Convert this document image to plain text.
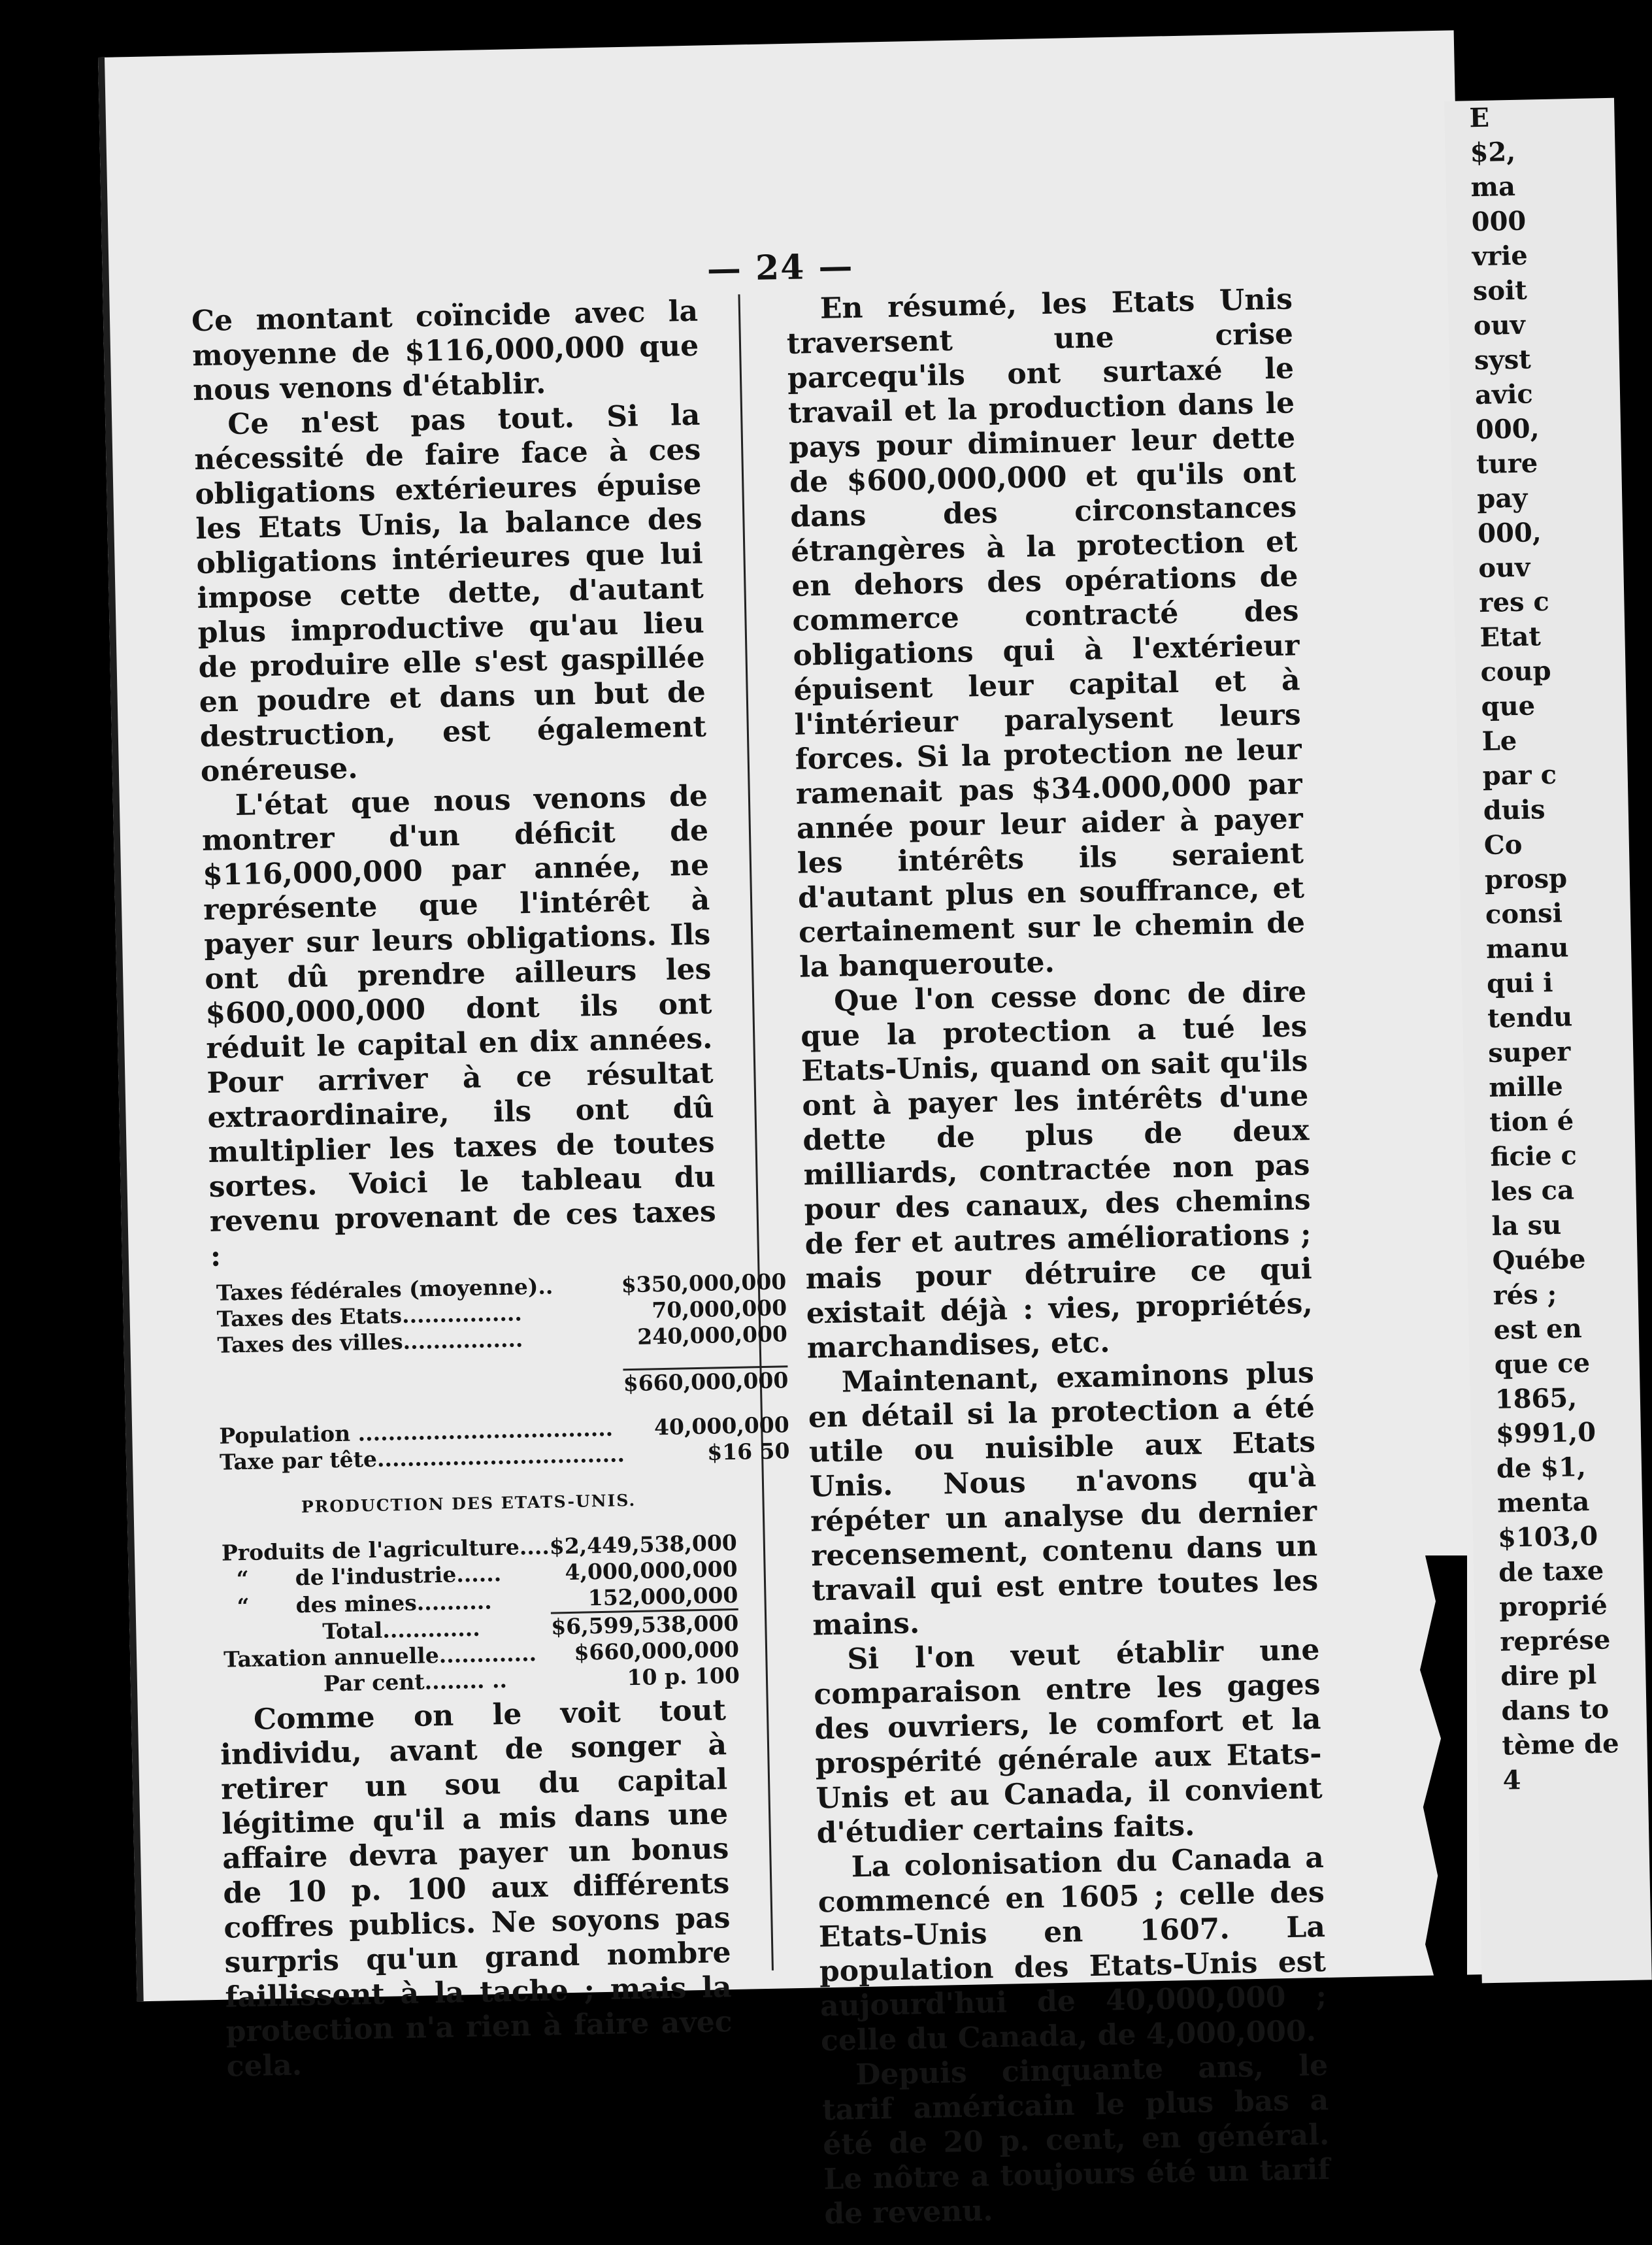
— 24 —

Ce montant coïncide avec la moyenne de $116,000,000 que nous venons d'établir.

Ce n'est pas tout. Si la nécessité de faire face à ces obligations extérieures épuise les Etats Unis, la balance des obligations intérieures que lui impose cette dette, d'autant plus improductive qu'au lieu de produire elle s'est gaspillée en poudre et dans un but de destruction, est également onéreuse.

L'état que nous venons de montrer d'un déficit de $116,000,000 par année, ne représente que l'intérêt à payer sur leurs obligations. Ils ont dû prendre ailleurs les $600,000,000 dont ils ont réduit le capital en dix années. Pour arriver à ce résultat extraordinaire, ils ont dû multiplier les taxes de toutes sortes. Voici le tableau du revenu provenant de ces taxes :

Taxes fédérales (moyenne)..	$350,000,000
Taxes des Etats................	70,000,000
Taxes des villes................	240,000,000

	$660,000,000

Population ..................................	40,000,000
Taxe par tête.................................	$16 50
PRODUCTION DES ETATS-UNIS.
Produits de l'agriculture....	$2,449,538,000
“ de l'industrie......	4,000,000,000
“ des mines..........	152,000,000
Total.............	$6,599,538,000
Taxation annuelle.............	$660,000,000
Par cent........ ..	10 p. 100

Comme on le voit tout individu, avant de songer à retirer un sou du capital légitime qu'il a mis dans une affaire devra payer un bonus de 10 p. 100 aux différents coffres publics. Ne soyons pas surpris qu'un grand nombre faillissent à la tache ; mais la protection n'a rien à faire avec cela.

En résumé, les Etats Unis traversent une crise parcequ'ils ont surtaxé le travail et la production dans le pays pour diminuer leur dette de $600,000,000 et qu'ils ont dans des circonstances étrangères à la protection et en dehors des opérations de commerce contracté des obligations qui à l'extérieur épuisent leur capital et à l'intérieur paralysent leurs forces. Si la protection ne leur ramenait pas $34.000,000 par année pour leur aider à payer les intérêts ils seraient d'autant plus en souffrance, et certainement sur le chemin de la banqueroute.

Que l'on cesse donc de dire que la protection a tué les Etats-Unis, quand on sait qu'ils ont à payer les intérêts d'une dette de plus de deux milliards, contractée non pas pour des canaux, des chemins de fer et autres améliorations ; mais pour détruire ce qui existait déjà : vies, propriétés, marchandises, etc.

Maintenant, examinons plus en détail si la protection a été utile ou nuisible aux Etats Unis. Nous n'avons qu'à répéter un analyse du dernier recensement, contenu dans un travail qui est entre toutes les mains.

Si l'on veut établir une comparaison entre les gages des ouvriers, le comfort et la prospérité générale aux Etats-Unis et au Canada, il convient d'étudier certains faits.

La colonisation du Canada a commencé en 1605 ; celle des Etats-Unis en 1607. La population des Etats-Unis est aujourd'hui de 40,000,000 ; celle du Canada, de 4,000,000.

Depuis cinquante ans, le tarif américain le plus bas a été de 20 p. cent, en général. Le nôtre a toujours été un tarif de revenu.

E
$2,
ma
000
vrie
soit
ouv
syst
avic
000,
ture
pay
000,
ouv
res c
Etat
coup
que
Le
par c
duis
Co
prosp
consi
manu
qui i
tendu
super
mille
tion é
ficie c
les ca
la su
Québe
rés ;
est en
que ce
1865,
$991,0
de $1,
menta
$103,0
de taxe
proprié
représe
dire pl
dans to
tème de
4
